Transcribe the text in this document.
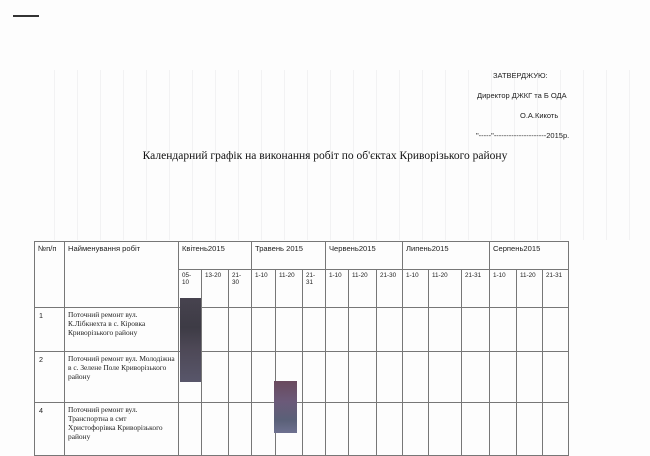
ЗАТВЕРДЖУЮ:
Директор ДЖКГ та Б ОДА
О.А.Кикоть
"-----"---------------------2015р.
Календарний графік на виконання робіт по об'єктах Криворізького району
№п/п	Найменування робіт	Квітень2015			Травень 2015			Червень2015			Липень2015			Серпень2015		
		05-10	13-20	21-30	1-10	11-20	21-31	1-10	11-20	21-30	1-10	11-20	21-31	1-10	11-20	21-31
1	Поточний ремонт вул. К.Лібкнехта в с. Кіровка Криворізького району															
2	Поточний ремонт вул. Молодіжна в с. Зелене Поле Криворізького району															
4	Поточний ремонт вул. Транспортна в смт Христофорівка Криворізького району															
